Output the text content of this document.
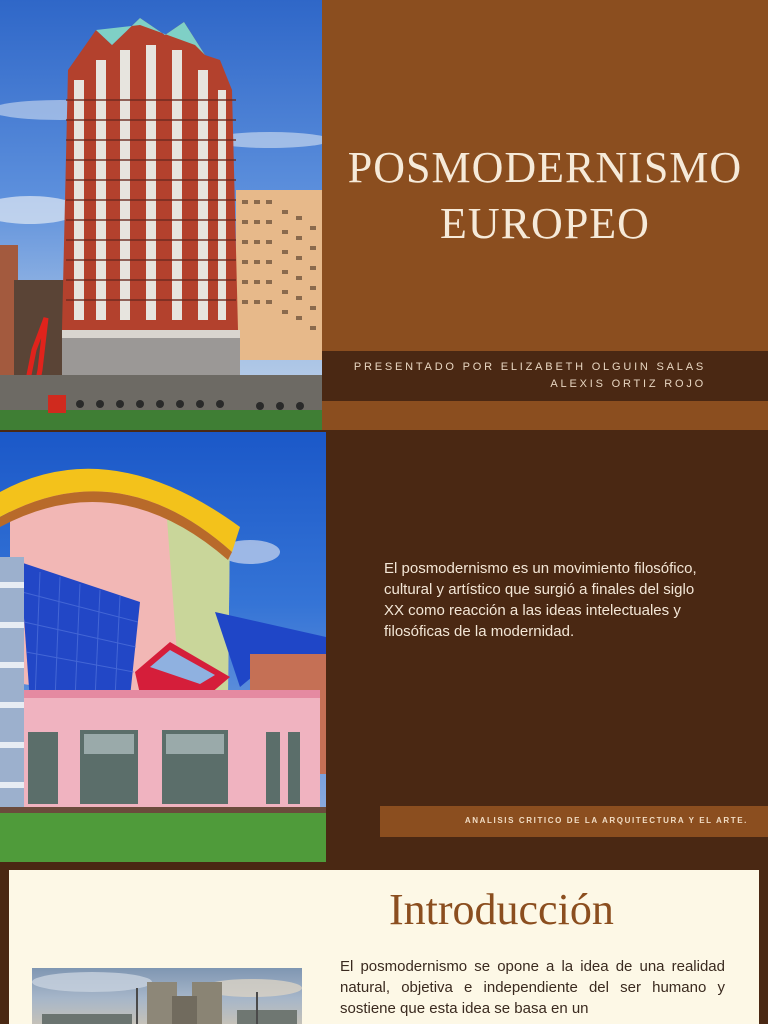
POSMODERNISMO
EUROPEO
PRESENTADO POR ELIZABETH OLGUIN SALAS
ALEXIS ORTIZ ROJO
El posmodernismo es un movimiento filosófico, cultural y artístico que surgió a finales del siglo XX como reacción a las ideas intelectuales y filosóficas de la modernidad.
ANALISIS CRITICO DE LA ARQUITECTURA Y EL ARTE.
Introducción
El posmodernismo se opone a la idea de una realidad natural, objetiva e independiente del ser humano y sostiene que esta idea se basa en un
